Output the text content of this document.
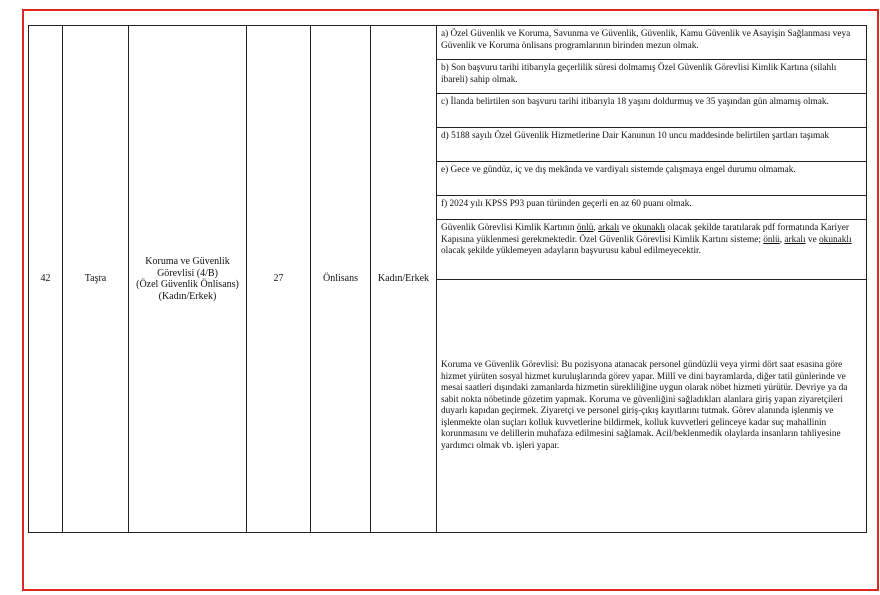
42	Taşra	Koruma ve Güvenlik
Görevlisi (4/B)
(Özel Güvenlik Önlisans)
(Kadın/Erkek)	27	Önlisans	Kadın/Erkek	a) Özel Güvenlik ve Koruma, Savunma ve Güvenlik, Güvenlik, Kamu Güvenlik ve Asayişin Sağlanması veya Güvenlik ve Koruma önlisans programlarının birinden mezun olmak.
b) Son başvuru tarihi itibarıyla geçerlilik süresi dolmamış Özel Güvenlik Görevlisi Kimlik Kartına (silahlı ibareli) sahip olmak.
c) İlanda belirtilen son başvuru tarihi itibarıyla 18 yaşını doldurmuş ve 35 yaşından gün almamış olmak.
d) 5188 sayılı Özel Güvenlik Hizmetlerine Dair Kanunun 10 uncu maddesinde belirtilen şartları taşımak
e) Gece ve gündüz, iç ve dış mekânda ve vardiyalı sistemde çalışmaya engel durumu olmamak.
f) 2024 yılı KPSS P93 puan türünden geçerli en az 60 puanı olmak.
Güvenlik Görevlisi Kimlik Kartının önlü, arkalı ve okunaklı olacak şekilde taratılarak pdf formatında Kariyer Kapısına yüklenmesi gerekmektedir. Özel Güvenlik Görevlisi Kimlik Kartını sisteme; önlü, arkalı ve okunaklı olacak şekilde yüklemeyen adayların başvurusu kabul edilmeyecektir.
Koruma ve Güvenlik Görevlisi: Bu pozisyona atanacak personel gündüzlü veya yirmi dört saat esasına göre hizmet yürüten sosyal hizmet kuruluşlarında görev yapar. Millî ve dini bayramlarda, diğer tatil günlerinde ve mesai saatleri dışındaki zamanlarda hizmetin sürekliliğine uygun olarak nöbet hizmeti yürütür. Devriye ya da sabit nokta nöbetinde gözetim yapmak. Koruma ve güvenliğini sağladıkları alanlara giriş yapan ziyaretçileri duyarlı kapıdan geçirmek. Ziyaretçi ve personel giriş-çıkış kayıtlarını tutmak. Görev alanında işlenmiş ve işlenmekte olan suçları kolluk kuvvetlerine bildirmek, kolluk kuvvetleri gelinceye kadar suç mahallinin korunmasını ve delillerin muhafaza edilmesini sağlamak. Acil/beklenmedik olaylarda insanların tahliyesine yardımcı olmak vb. işleri yapar.
